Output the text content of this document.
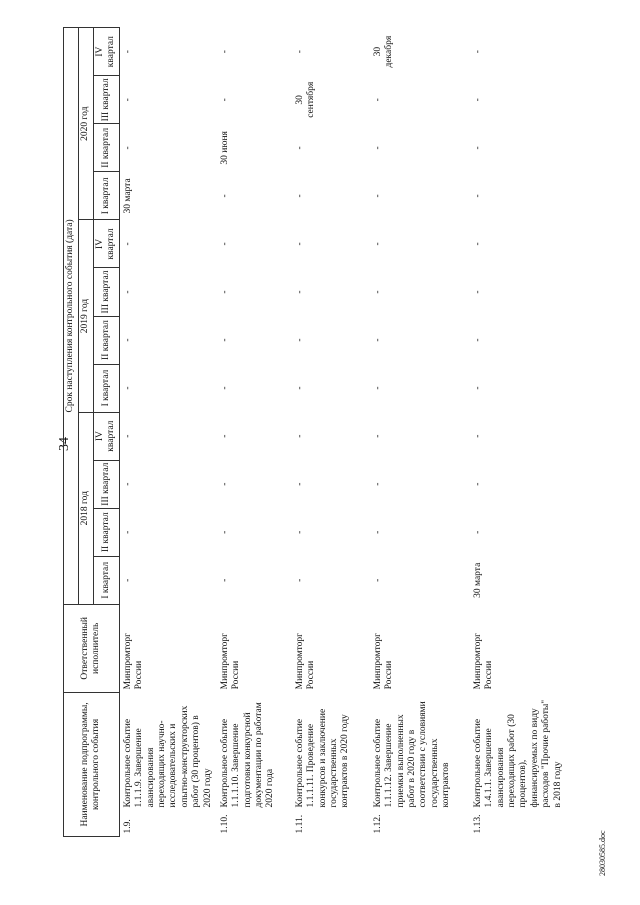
34
28030585.doc
Наименование подпрограммы, контрольного события		Ответственный исполнитель	Срок наступления контрольного события (дата)											
			2018 год				2019 год				2020 год			
			I квартал	II квартал	III квартал	IV квартал	I квартал	II квартал	III квартал	IV квартал	I квартал	II квартал	III квартал	IV квартал
1.9.	Контрольное событие 1.1.1.9. Завершение авансирования переходящих научно-исследовательских и опытно-конструкторских работ (30 процентов) в 2020 году	Минпромторг России	-	-	-	-	-	-	-	-	30 марта	-	-	-
1.10.	Контрольное событие 1.1.1.10. Завершение подготовки конкурсной документации по работам 2020 года	Минпромторг России	-	-	-	-	-	-	-	-	-	30 июня	-	-
1.11.	Контрольное событие 1.1.1.11. Проведение конкурсов и заключение государственных контрактов в 2020 году	Минпромторг России	-	-	-	-	-	-	-	-	-	-	30 сентября	-
1.12.	Контрольное событие 1.1.1.12. Завершение приемки выполненных работ в 2020 году в соответствии с условиями государственных контрактов	Минпромторг России	-	-	-	-	-	-	-	-	-	-	-	30 декабря
1.13.	Контрольное событие 1.4.1.1. Завершение авансирования переходящих работ (30 процентов), финансируемых по виду расходов "Прочие работы" в 2018 году	Минпромторг России	30 марта	-	-	-	-	-	-	-	-	-	-	-
